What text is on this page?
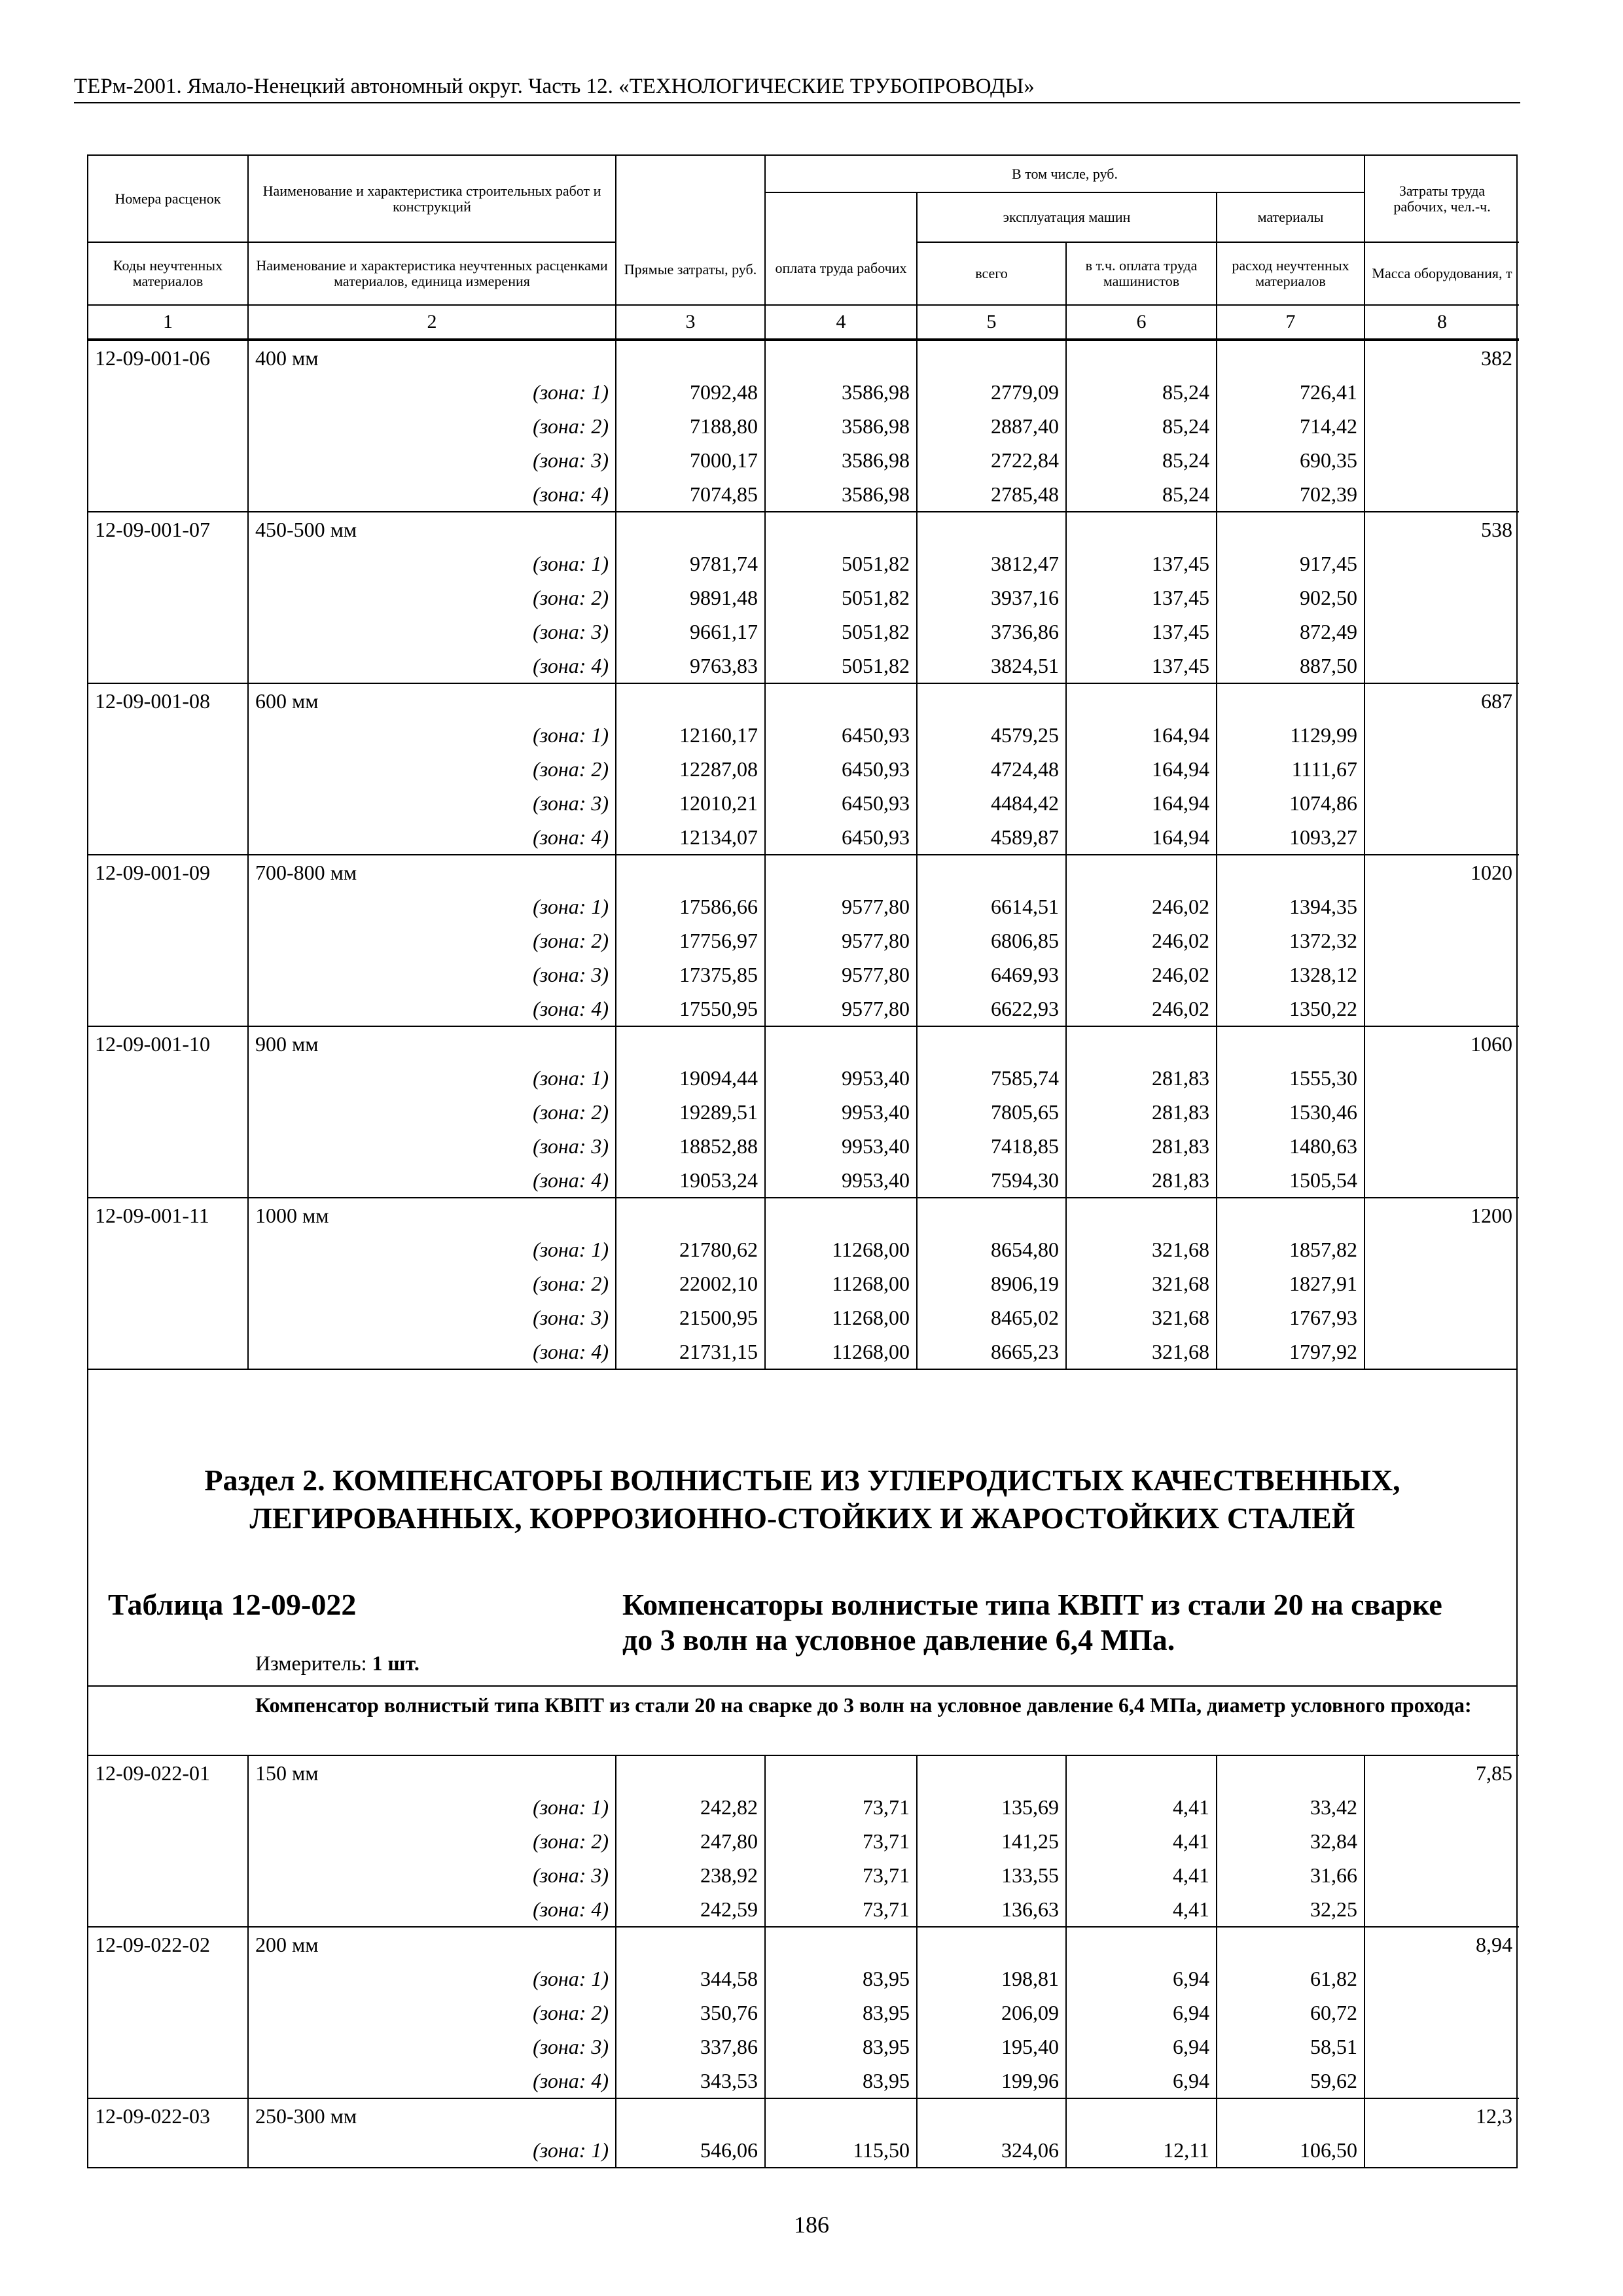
ТЕРм-2001. Ямало-Ненецкий автономный округ. Часть 12. «ТЕХНОЛОГИЧЕСКИЕ ТРУБОПРОВОДЫ»
Номера расценок	Наименование и характеристика строительных работ и конструкций	Прямые затраты, руб.	В том числе, руб.				Затраты труда рабочих, чел.-ч.

			оплата труда рабочих	эксплуатация машин		материалы	

Коды неучтенных материалов	Наименование и характеристика неучтенных расценками материалов, единица измерения			всего	в т.ч. оплата труда машинистов	расход неучтенных материалов	Масса оборудования, т
1	2	3	4	5	6	7	8
12-09-001-06	400 мм						382
	(зона: 1)	7092,48	3586,98	2779,09	85,24	726,41	
	(зона: 2)	7188,80	3586,98	2887,40	85,24	714,42	
	(зона: 3)	7000,17	3586,98	2722,84	85,24	690,35	
	(зона: 4)	7074,85	3586,98	2785,48	85,24	702,39	
12-09-001-07	450-500 мм						538
	(зона: 1)	9781,74	5051,82	3812,47	137,45	917,45	
	(зона: 2)	9891,48	5051,82	3937,16	137,45	902,50	
	(зона: 3)	9661,17	5051,82	3736,86	137,45	872,49	
	(зона: 4)	9763,83	5051,82	3824,51	137,45	887,50	
12-09-001-08	600 мм						687
	(зона: 1)	12160,17	6450,93	4579,25	164,94	1129,99	
	(зона: 2)	12287,08	6450,93	4724,48	164,94	1111,67	
	(зона: 3)	12010,21	6450,93	4484,42	164,94	1074,86	
	(зона: 4)	12134,07	6450,93	4589,87	164,94	1093,27	
12-09-001-09	700-800 мм						1020
	(зона: 1)	17586,66	9577,80	6614,51	246,02	1394,35	
	(зона: 2)	17756,97	9577,80	6806,85	246,02	1372,32	
	(зона: 3)	17375,85	9577,80	6469,93	246,02	1328,12	
	(зона: 4)	17550,95	9577,80	6622,93	246,02	1350,22	
12-09-001-10	900 мм						1060
	(зона: 1)	19094,44	9953,40	7585,74	281,83	1555,30	
	(зона: 2)	19289,51	9953,40	7805,65	281,83	1530,46	
	(зона: 3)	18852,88	9953,40	7418,85	281,83	1480,63	
	(зона: 4)	19053,24	9953,40	7594,30	281,83	1505,54	
12-09-001-11	1000 мм						1200
	(зона: 1)	21780,62	11268,00	8654,80	321,68	1857,82	
	(зона: 2)	22002,10	11268,00	8906,19	321,68	1827,91	
	(зона: 3)	21500,95	11268,00	8465,02	321,68	1767,93	
	(зона: 4)	21731,15	11268,00	8665,23	321,68	1797,92	
Раздел 2. КОМПЕНСАТОРЫ ВОЛНИСТЫЕ ИЗ УГЛЕРОДИСТЫХ КАЧЕСТВЕННЫХ,
ЛЕГИРОВАННЫХ, КОРРОЗИОННО-СТОЙКИХ И ЖАРОСТОЙКИХ СТАЛЕЙ
Таблица 12-09-022	Компенсаторы волнистые типа КВПТ из стали 20 на сварке до 3 волн на условное давление 6,4 МПа.
Измеритель: 1 шт.
Компенсатор волнистый типа КВПТ из стали 20 на сварке до 3 волн на условное давление 6,4 МПа, диаметр условного прохода:
12-09-022-01	150 мм						7,85
	(зона: 1)	242,82	73,71	135,69	4,41	33,42	
	(зона: 2)	247,80	73,71	141,25	4,41	32,84	
	(зона: 3)	238,92	73,71	133,55	4,41	31,66	
	(зона: 4)	242,59	73,71	136,63	4,41	32,25	
12-09-022-02	200 мм						8,94
	(зона: 1)	344,58	83,95	198,81	6,94	61,82	
	(зона: 2)	350,76	83,95	206,09	6,94	60,72	
	(зона: 3)	337,86	83,95	195,40	6,94	58,51	
	(зона: 4)	343,53	83,95	199,96	6,94	59,62	
12-09-022-03	250-300 мм						12,3
	(зона: 1)	546,06	115,50	324,06	12,11	106,50	
186
